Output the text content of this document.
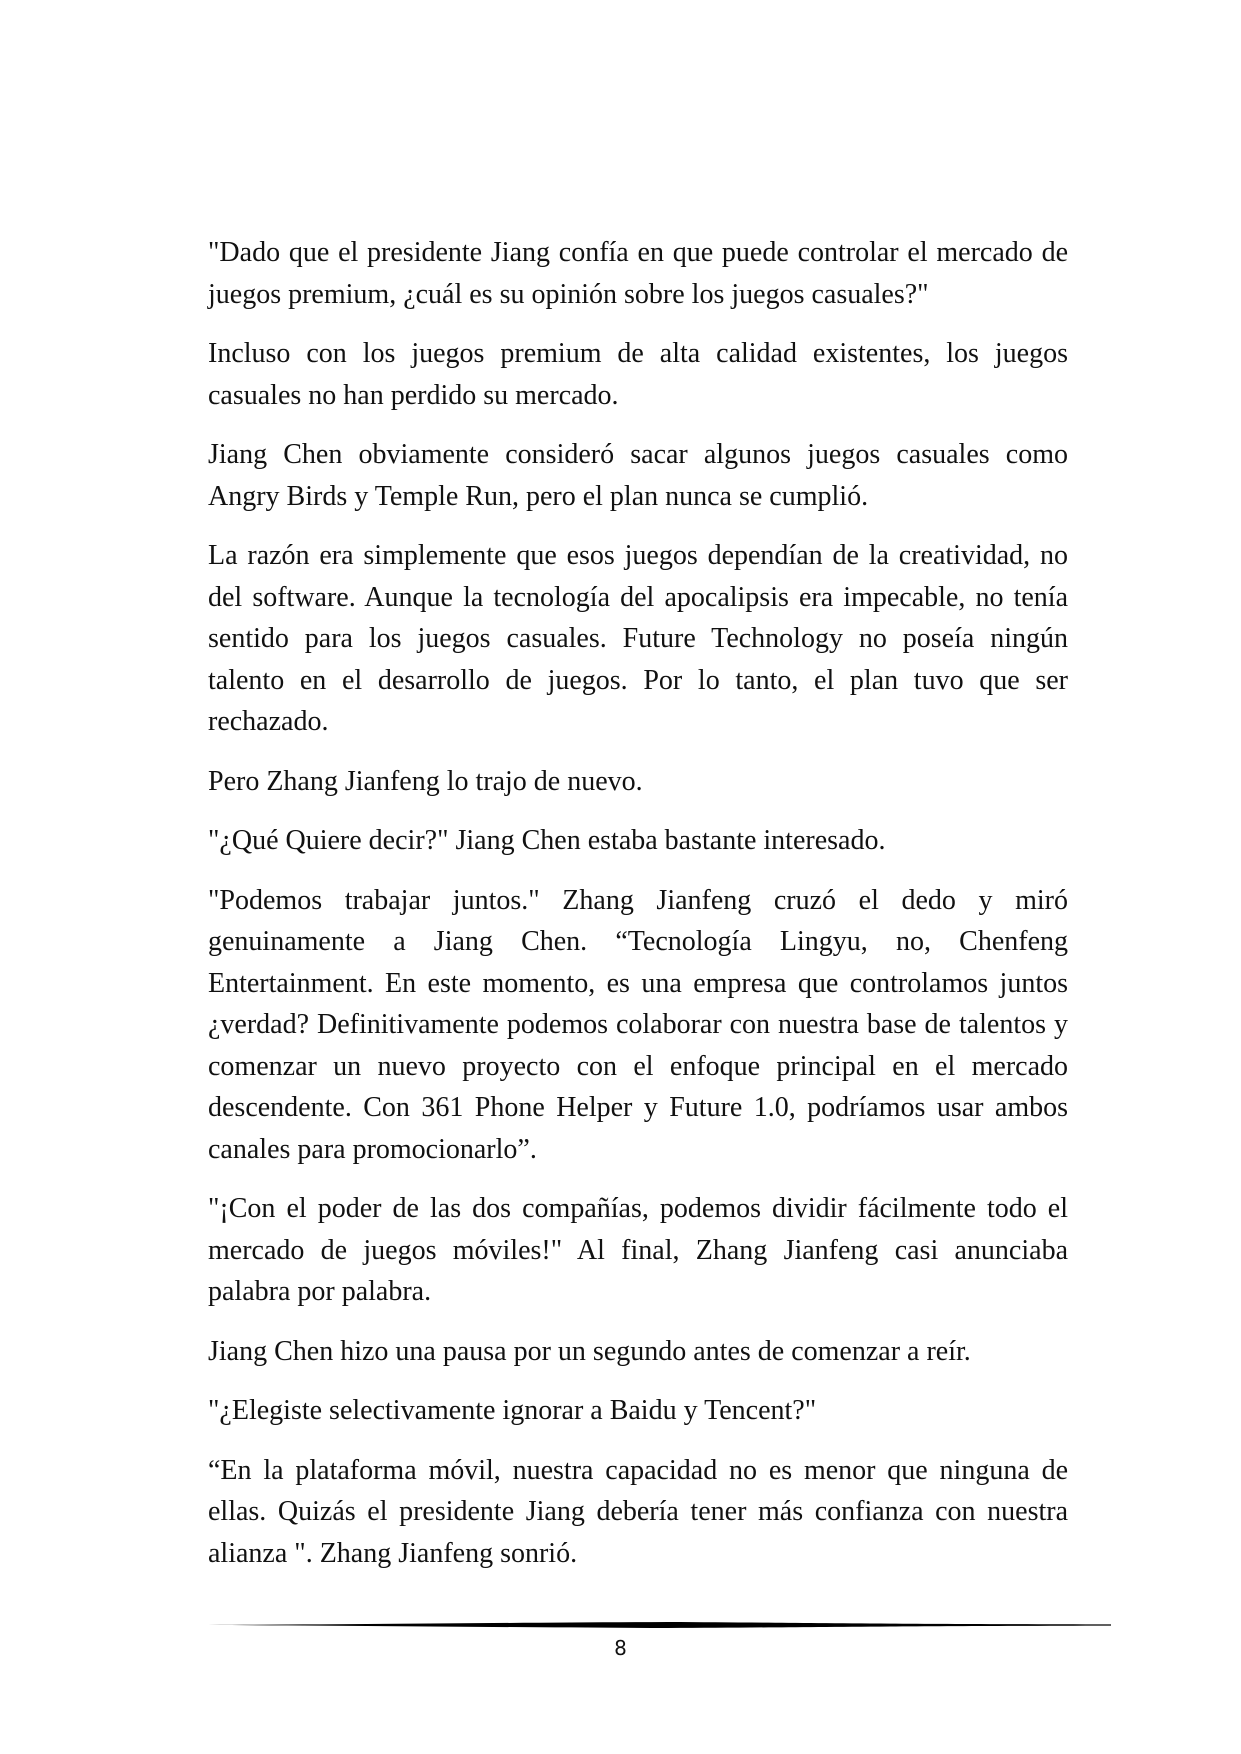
"Dado que el presidente Jiang confía en que puede controlar el mercado de juegos premium, ¿cuál es su opinión sobre los juegos casuales?"

Incluso con los juegos premium de alta calidad existentes, los juegos casuales no han perdido su mercado.

Jiang Chen obviamente consideró sacar algunos juegos casuales como Angry Birds y Temple Run, pero el plan nunca se cumplió.

La razón era simplemente que esos juegos dependían de la creatividad, no del software. Aunque la tecnología del apocalipsis era impecable, no tenía sentido para los juegos casuales. Future Technology no poseía ningún talento en el desarrollo de juegos. Por lo tanto, el plan tuvo que ser rechazado.

Pero Zhang Jianfeng lo trajo de nuevo.

"¿Qué Quiere decir?" Jiang Chen estaba bastante interesado.

"Podemos trabajar juntos." Zhang Jianfeng cruzó el dedo y miró genuinamente a Jiang Chen. “Tecnología Lingyu, no, Chenfeng Entertainment. En este momento, es una empresa que controlamos juntos ¿verdad? Definitivamente podemos colaborar con nuestra base de talentos y comenzar un nuevo proyecto con el enfoque principal en el mercado descendente. Con 361 Phone Helper y Future 1.0, podríamos usar ambos canales para promocionarlo”.

"¡Con el poder de las dos compañías, podemos dividir fácilmente todo el mercado de juegos móviles!" Al final, Zhang Jianfeng casi anunciaba palabra por palabra.

Jiang Chen hizo una pausa por un segundo antes de comenzar a reír.

"¿Elegiste selectivamente ignorar a Baidu y Tencent?"

“En la plataforma móvil, nuestra capacidad no es menor que ninguna de ellas. Quizás el presidente Jiang debería tener más confianza con nuestra alianza ". Zhang Jianfeng sonrió.

8
